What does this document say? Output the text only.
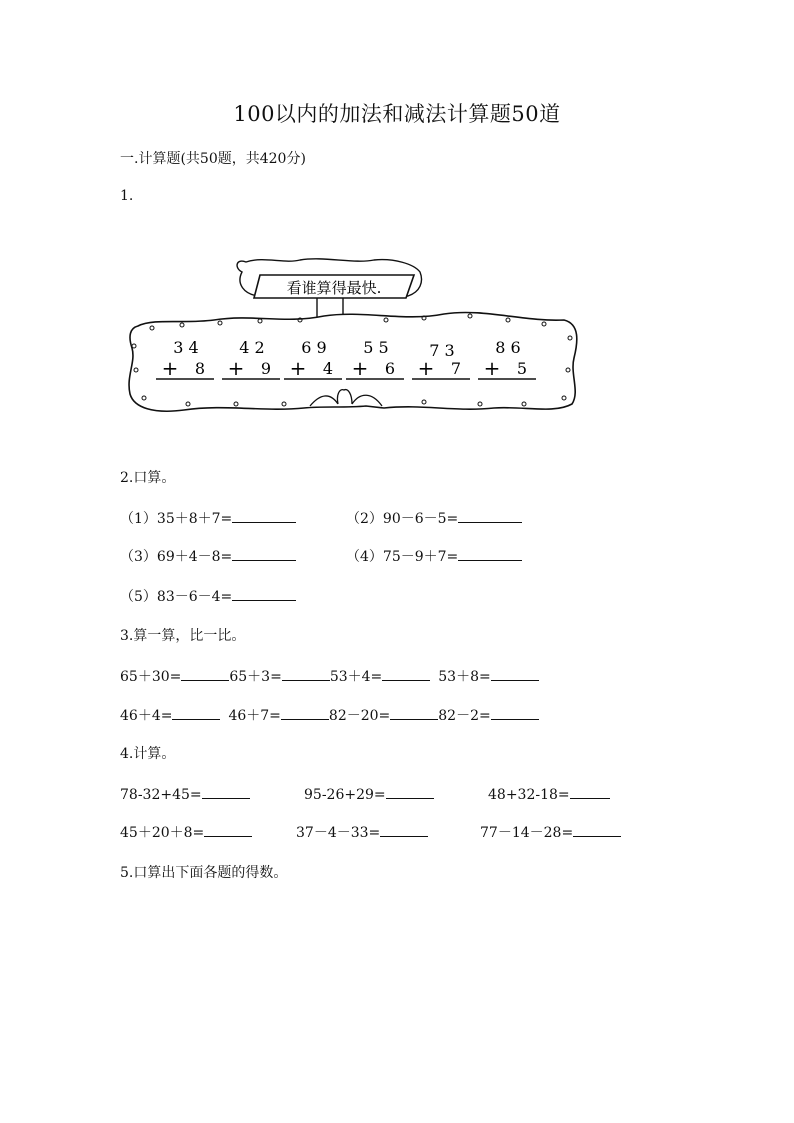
100以内的加法和减法计算题50道
一.计算题(共50题，共420分)
1.
看谁算得最快.
3 4
+ 8
4 2
+ 9
6 9
+ 4
5 5
+ 6
7 3
+ 7
8 6
+ 5
2.口算。
（1）35＋8＋7=	（2）90－6－5=
（3）69＋4－8=	（4）75－9＋7=
（5）83－6－4=
3.算一算，比一比。
65＋30=	65＋3=	53＋4=	53＋8=
46＋4=	46＋7=	82－20=	82－2=
4.计算。
78-32+45=	95-26+29=	48+32-18=
45＋20＋8=	37－4－33=	77－14－28=
5.口算出下面各题的得数。
